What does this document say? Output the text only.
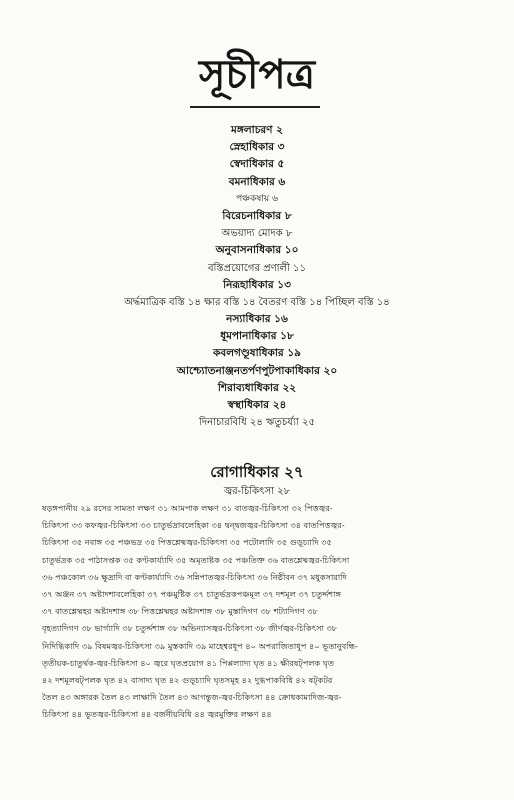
সূচীপত্র
মঙ্গলাচরণ ২
স্নেহাধিকার ৩
স্বেদাধিকার ৫
বমনাধিকার ৬
পঞ্চকষায় ৬
বিরেচনাধিকার ৮
অভয়াদ্য মোদক ৮
অনুবাসনাধিকার ১০
বস্তিপ্রয়োগের প্রণালী ১১
নিরূহাধিকার ১৩
অর্দ্ধমাত্রিক বস্তি ১৪ ক্ষার বস্তি ১৪ বৈতরণ বস্তি ১৪ পিচ্ছিল বস্তি ১৪
নস্যাধিকার ১৬
ধূমপানাধিকার ১৮
কবলগণ্ডূষাধিকার ১৯
আশ্চ্যোতনাঞ্জনতর্পণপুটপাকাধিকার ২০
শিরাব্যধাধিকার ২২
স্বস্থাধিকার ২৪
দিনাচারবিধি ২৪ ঋতুচর্য্যা ২৫
রোগাধিকার ২৭
জ্বর-চিকিৎসা ২৮
ষড়ঙ্গপানীয় ২৯ রসের সামতা লক্ষণ ৩১ আমপাক লক্ষণ ৩১ বাতজ্বর-চিকিৎসা ৩২ পিত্তজ্বর-
চিকিৎসা ৩৩ কফজ্বর-চিকিৎসা ৩৩ চাতুর্ভদ্রাবলেহিকা ৩৪ দ্বন্দ্বজজ্বর-চিকিৎসা ৩৪ বাতপিত্তজ্বর-
চিকিৎসা ৩৫ নবাঙ্গ ৩৫ পঞ্চভদ্র ৩৫ পিত্তশ্লেষ্মজ্বর-চিকিৎসা ৩৫ পটোলাদি ৩৫ গুড়ূচ্যাদি ৩৫
চাতুর্ভদ্রক ৩৫ পাঠাসপ্তক ৩৫ কণ্টকার্য্যাদি ৩৫ অমৃতাষ্টক ৩৫ পঞ্চতিক্ত ৩৬ বাতশ্লেষ্মজ্বর-চিকিৎসা
৩৬ পঞ্চকোল ৩৬ ক্ষুদ্রাদি বা কণ্টকার্য্যাদি ৩৬ সন্নিপাতজ্বর-চিকিৎসা ৩৬ নিষ্ঠীবন ৩৭ মধুকসারাদি
৩৭ অঞ্জন ৩৭ অষ্টাদশাবলেহিকা ৩৭ পঞ্চমুষ্টিক ৩৭ চাতুর্ভদ্রকপঞ্চমূল ৩৭ দশমূল ৩৭ চতুর্দ্দশাঙ্গ
৩৭ বাতশ্লেষ্মহর অষ্টাদশাঙ্গ ৩৮ পিত্তশ্লেষ্মহর অষ্টাদশাঙ্গ ৩৮ মুস্তাদিগণ ৩৮ শট্যাদিগণ ৩৮
বৃহত্যাদিগণ ৩৮ ভার্গ্যাদি ৩৮ চতুর্দ্দশাঙ্গ ৩৮ অভিন্যাসজ্বর-চিকিৎসা ৩৮ জীর্ণজ্বর-চিকিৎসা ৩৮
নিদিগ্ধিকাদি ৩৯ বিষমজ্বর-চিকিৎসা ৩৯ মুস্তকাদি ৩৯ মাহেশ্বরধূপ ৪০ অপরাজিতাধূপ ৪০ ভূতানুবন্ধি-
তৃতীয়ক-চাতুর্থক-জ্বর-চিকিৎসা ৪০ জ্বরে ঘৃতপ্রয়োগ ৪১ পিপ্পল্যাদ্য ঘৃত ৪১ ক্ষীরষট্পলক ঘৃত
৪২ দশমূলষট্পলক ঘৃত ৪২ বাসাদ্য ঘৃত ৪২ গুড়ূচ্যাদি ঘৃতসমূহ ৪২ দুগ্ধপাকবিধি ৪২ ষট্কটর
তৈল ৪৩ অঙ্গারক তৈল ৪৩ লাক্ষাদি তৈল ৪৩ আগন্তুজ-জ্বর-চিকিৎসা ৪৪ ক্রোধকামাদিজ-জ্বর-
চিকিৎসা ৪৪ ভূতজ্বর-চিকিৎসা ৪৪ বর্জনীয়বিধি ৪৪ জ্বরমুক্তির লক্ষণ ৪৪
